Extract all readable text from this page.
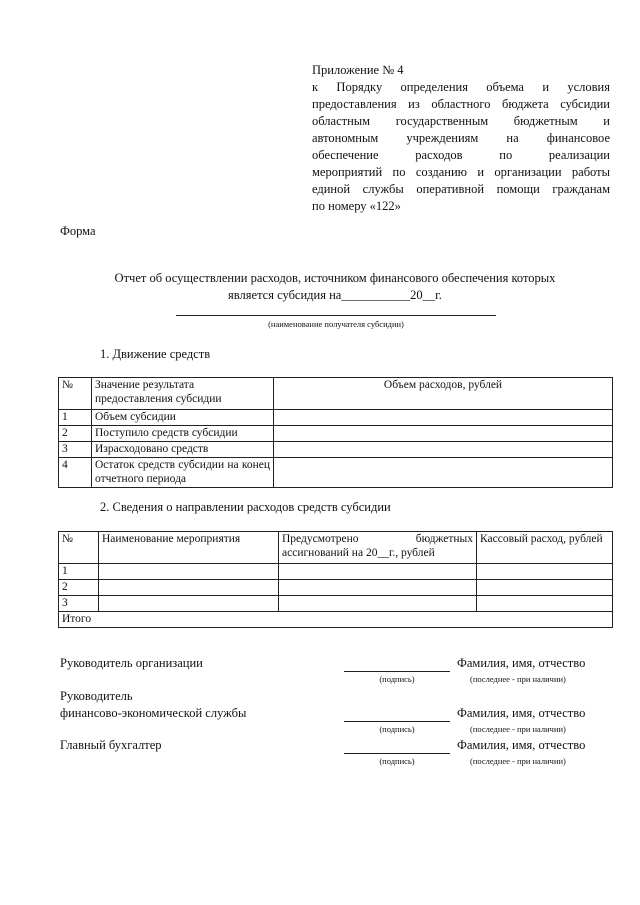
Приложение № 4
к Порядку определения объема и условия
предоставления из областного бюджета субсидии
областным государственным бюджетным и
автономным учреждениям на финансовое
обеспечение расходов по реализации
мероприятий по созданию и организации работы
единой службы оперативной помощи гражданам
по номеру «122»
Форма
Отчет об осуществлении расходов, источником финансового обеспечения которых
является субсидия на___________20__г.
(наименование получателя субсидии)
1. Движение средств
№	Значение результата предоставления субсидии	Объем расходов, рублей
1	Объем субсидии	
2	Поступило средств субсидии	
3	Израсходовано средств	
4	Остаток средств субсидии на конец отчетного периода	
2. Сведения о направлении расходов средств субсидии
№	Наименование мероприятия	Предусмотрено бюджетных ассигнований на 20__г., рублей	Кассовый расход, рублей
1			
2			
3			
Итого			
Руководитель организации
(подпись)
Фамилия, имя, отчество
(последнее - при наличии)
Руководитель
финансово-экономической службы
(подпись)
Фамилия, имя, отчество
(последнее - при наличии)
Главный бухгалтер
(подпись)
Фамилия, имя, отчество
(последнее - при наличии)
